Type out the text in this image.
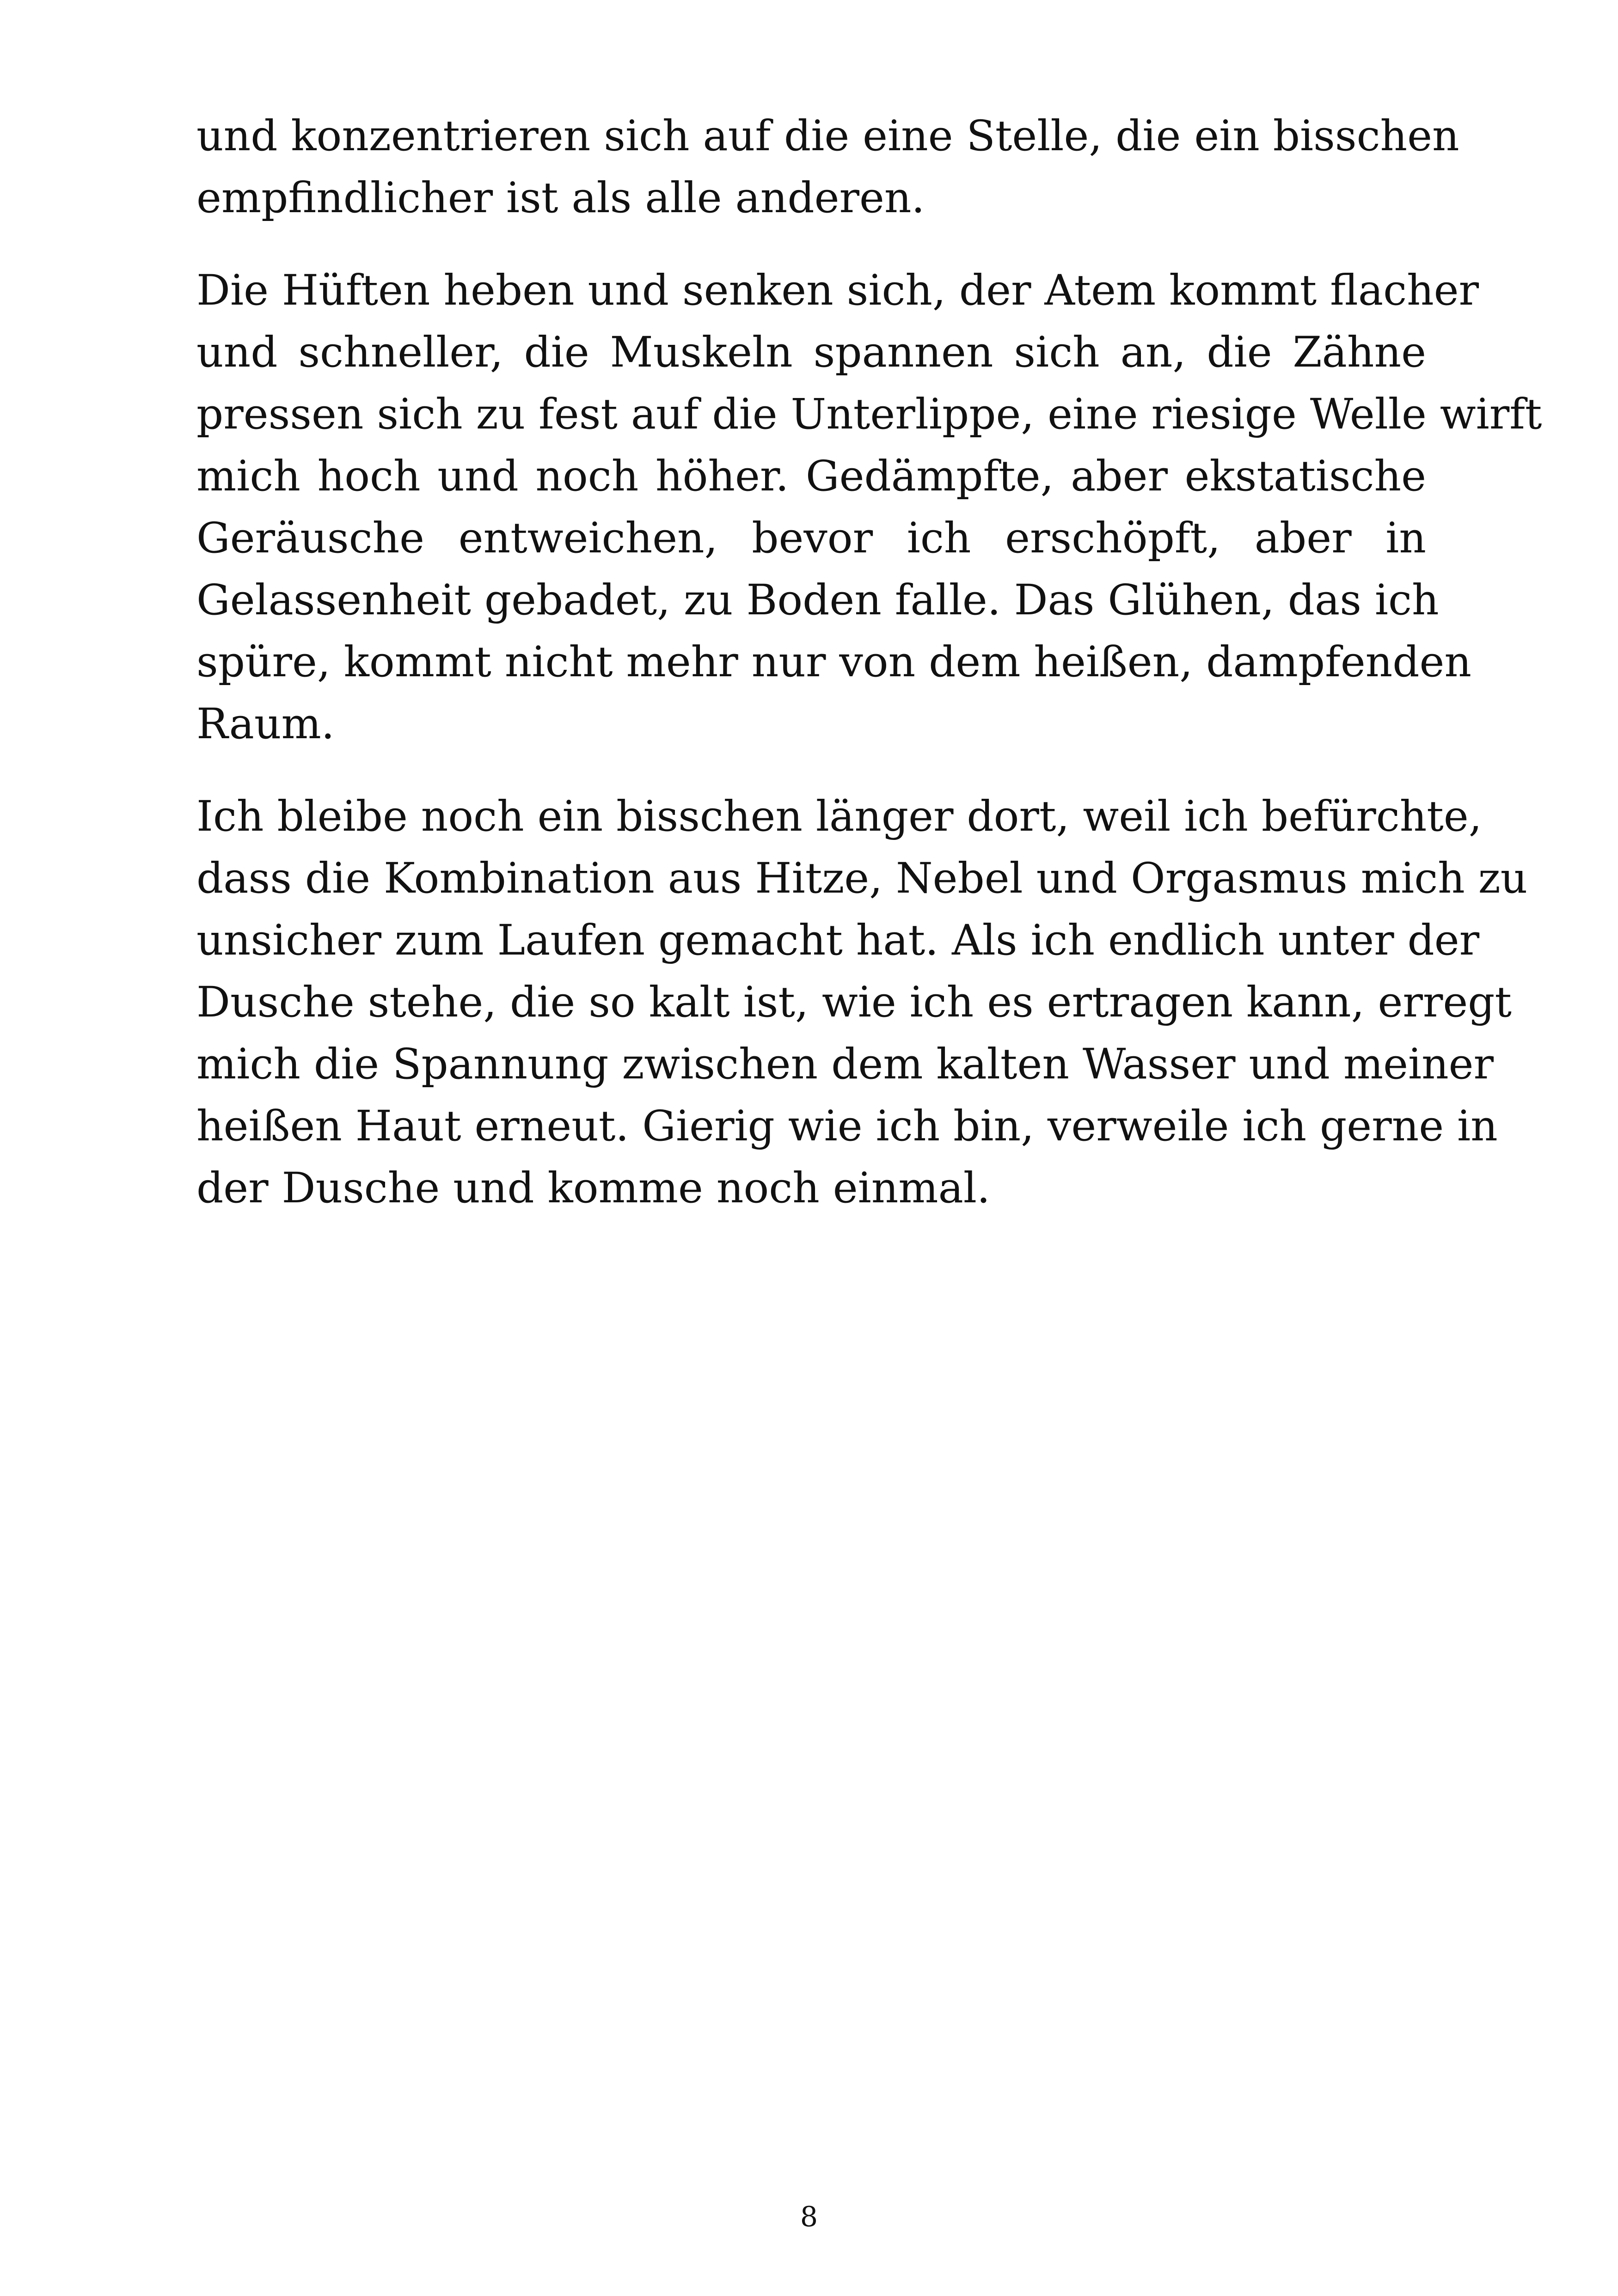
und konzentrieren sich auf die eine Stelle, die ein bisschen
empfindlicher ist als alle anderen.

Die Hüften heben und senken sich, der Atem kommt flacher
und schneller, die Muskeln spannen sich an, die Zähne
pressen sich zu fest auf die Unterlippe, eine riesige Welle wirft
mich hoch und noch höher. Gedämpfte, aber ekstatische
Geräusche entweichen, bevor ich erschöpft, aber in
Gelassenheit gebadet, zu Boden falle. Das Glühen, das ich
spüre, kommt nicht mehr nur von dem heißen, dampfenden
Raum.

Ich bleibe noch ein bisschen länger dort, weil ich befürchte,
dass die Kombination aus Hitze, Nebel und Orgasmus mich zu
unsicher zum Laufen gemacht hat. Als ich endlich unter der
Dusche stehe, die so kalt ist, wie ich es ertragen kann, erregt
mich die Spannung zwischen dem kalten Wasser und meiner
heißen Haut erneut. Gierig wie ich bin, verweile ich gerne in
der Dusche und komme noch einmal.

8
